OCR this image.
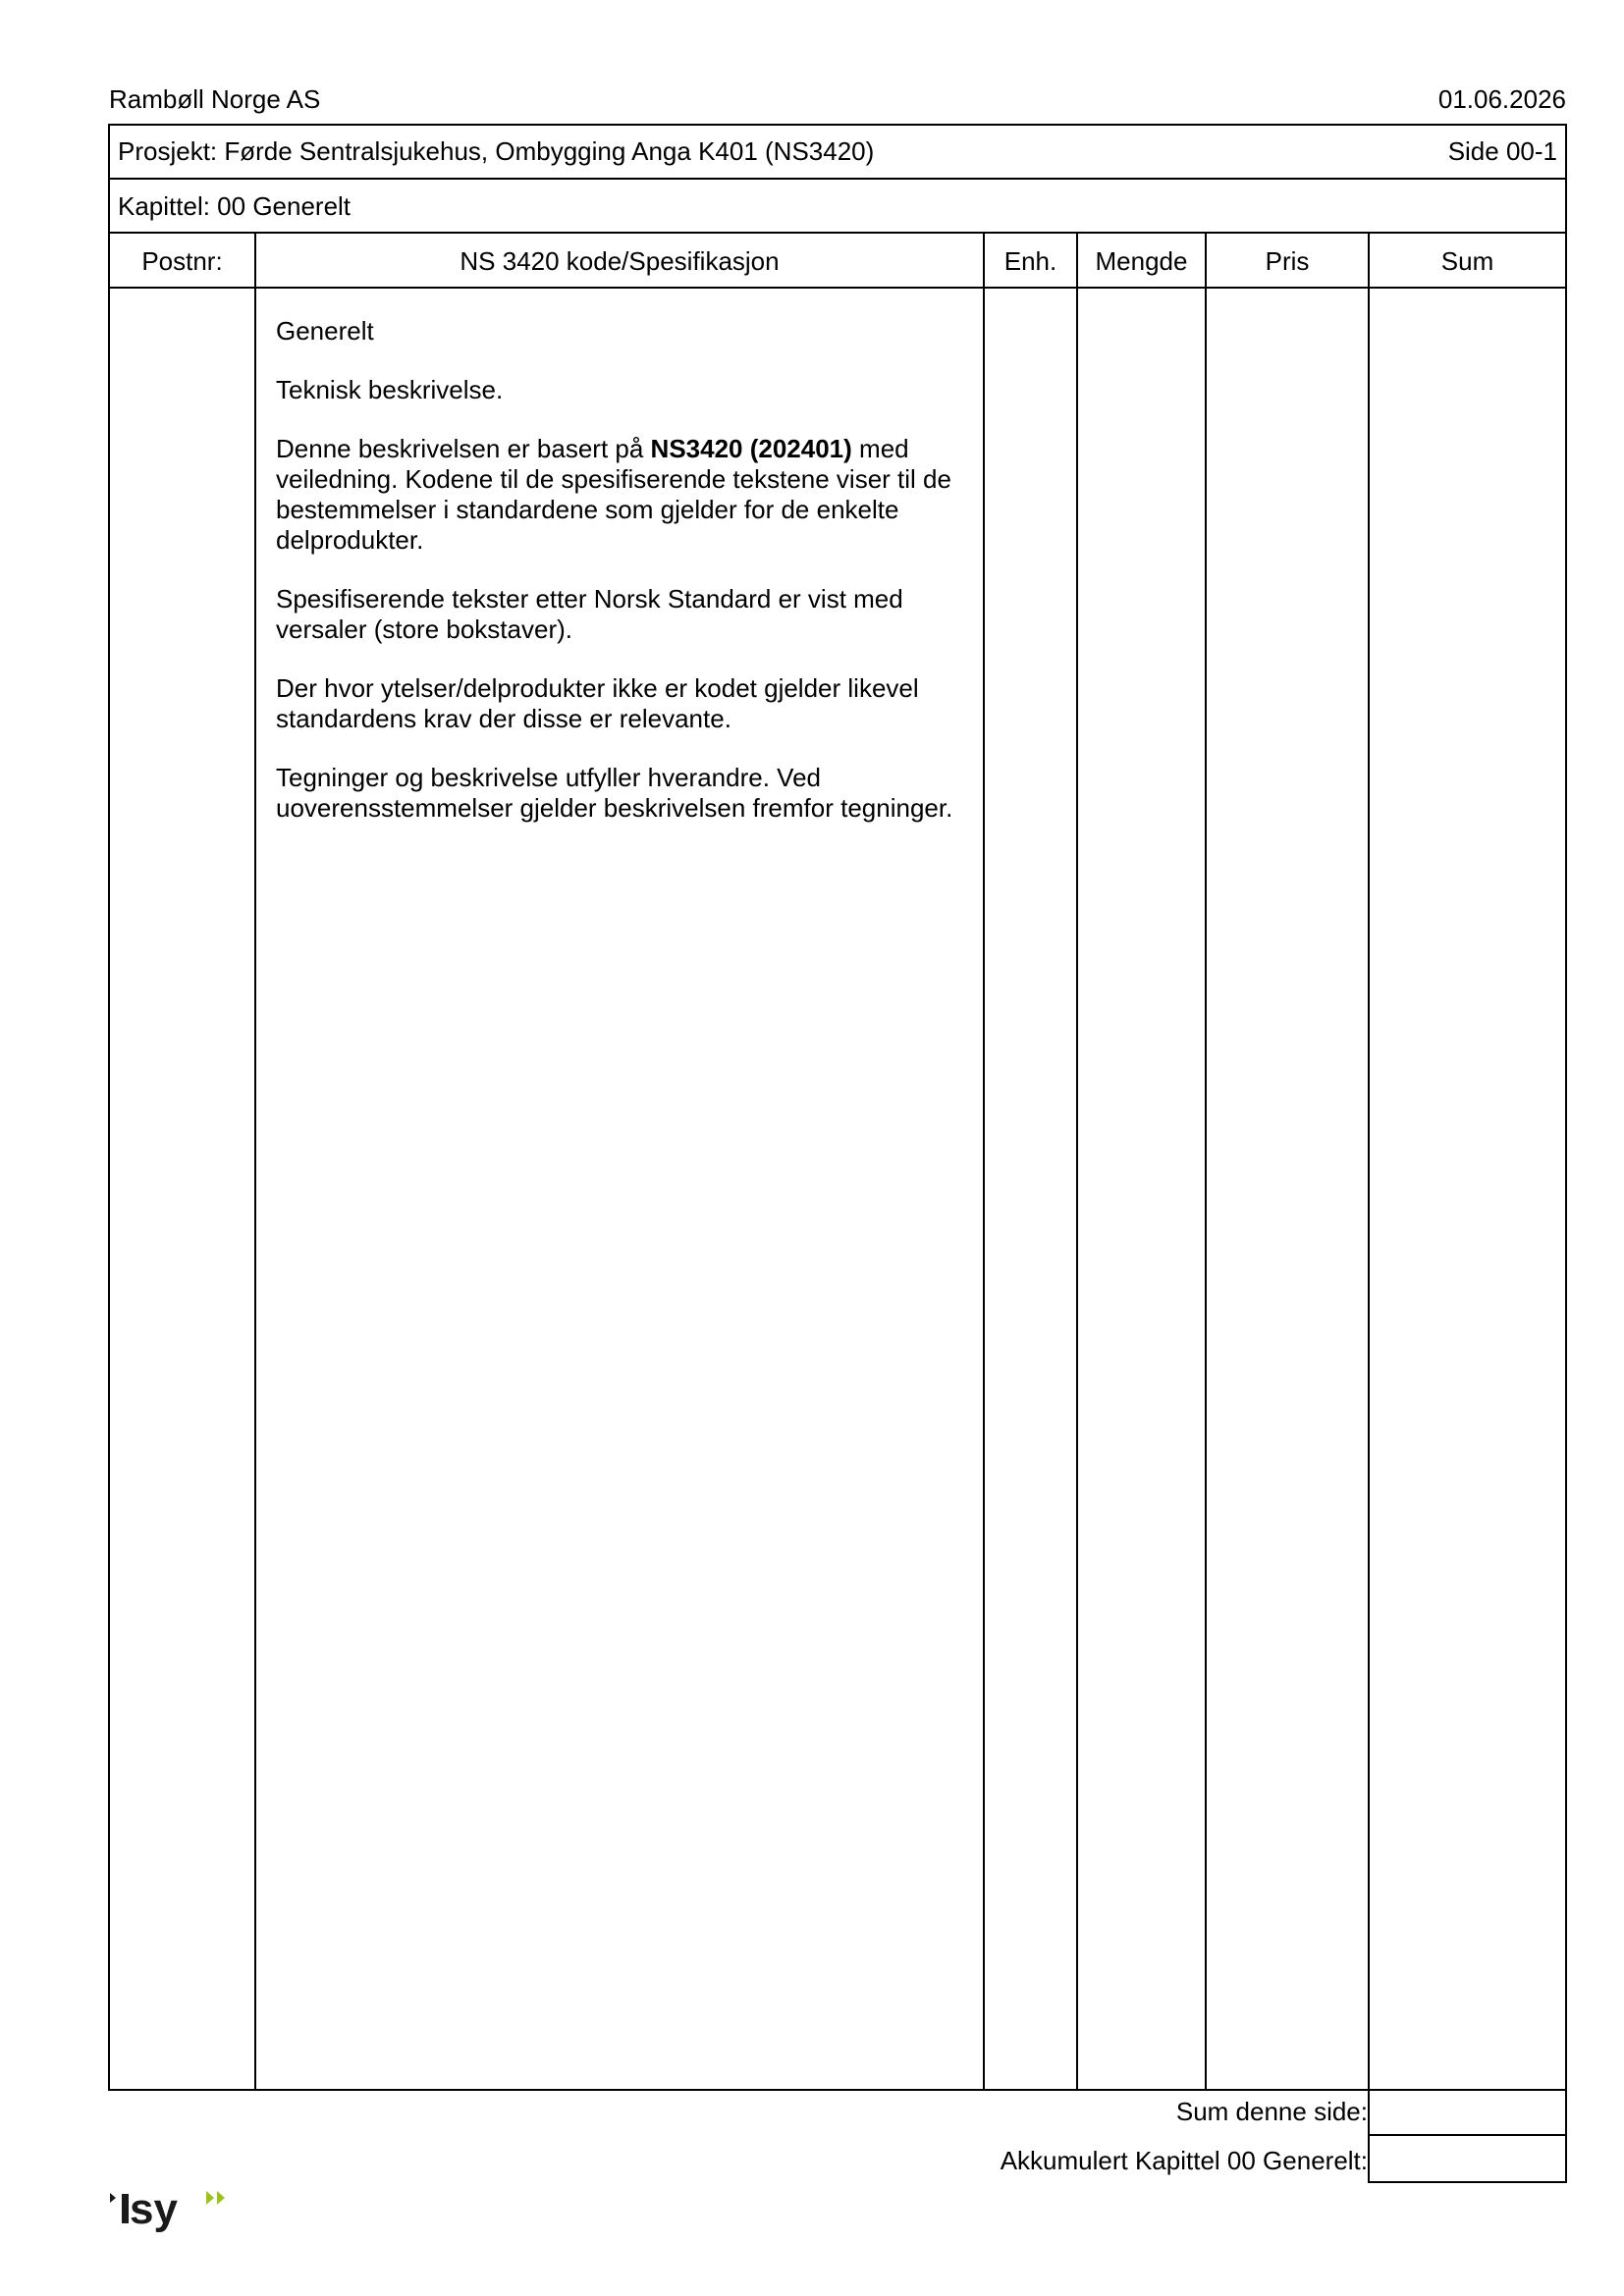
Rambøll Norge AS	01.06.2026
Prosjekt: Førde Sentralsjukehus, Ombygging Anga K401 (NS3420)	Side 00-1
Kapittel: 00 Generelt
Postnr:	NS 3420 kode/Spesifikasjon	Enh.	Mengde	Pris	Sum

Generelt

Teknisk beskrivelse.

Denne beskrivelsen er basert på NS3420 (202401) med veiledning. Kodene til de spesifiserende tekstene viser til de bestemmelser i standardene som gjelder for de enkelte delprodukter.

Spesifiserende tekster etter Norsk Standard er vist med versaler (store bokstaver).

Der hvor ytelser/delprodukter ikke er kodet gjelder likevel standardens krav der disse er relevante.

Tegninger og beskrivelse utfyller hverandre. Ved uoverensstemmelser gjelder beskrivelsen fremfor tegninger.

Sum denne side:
Akkumulert Kapittel 00 Generelt:
sy
